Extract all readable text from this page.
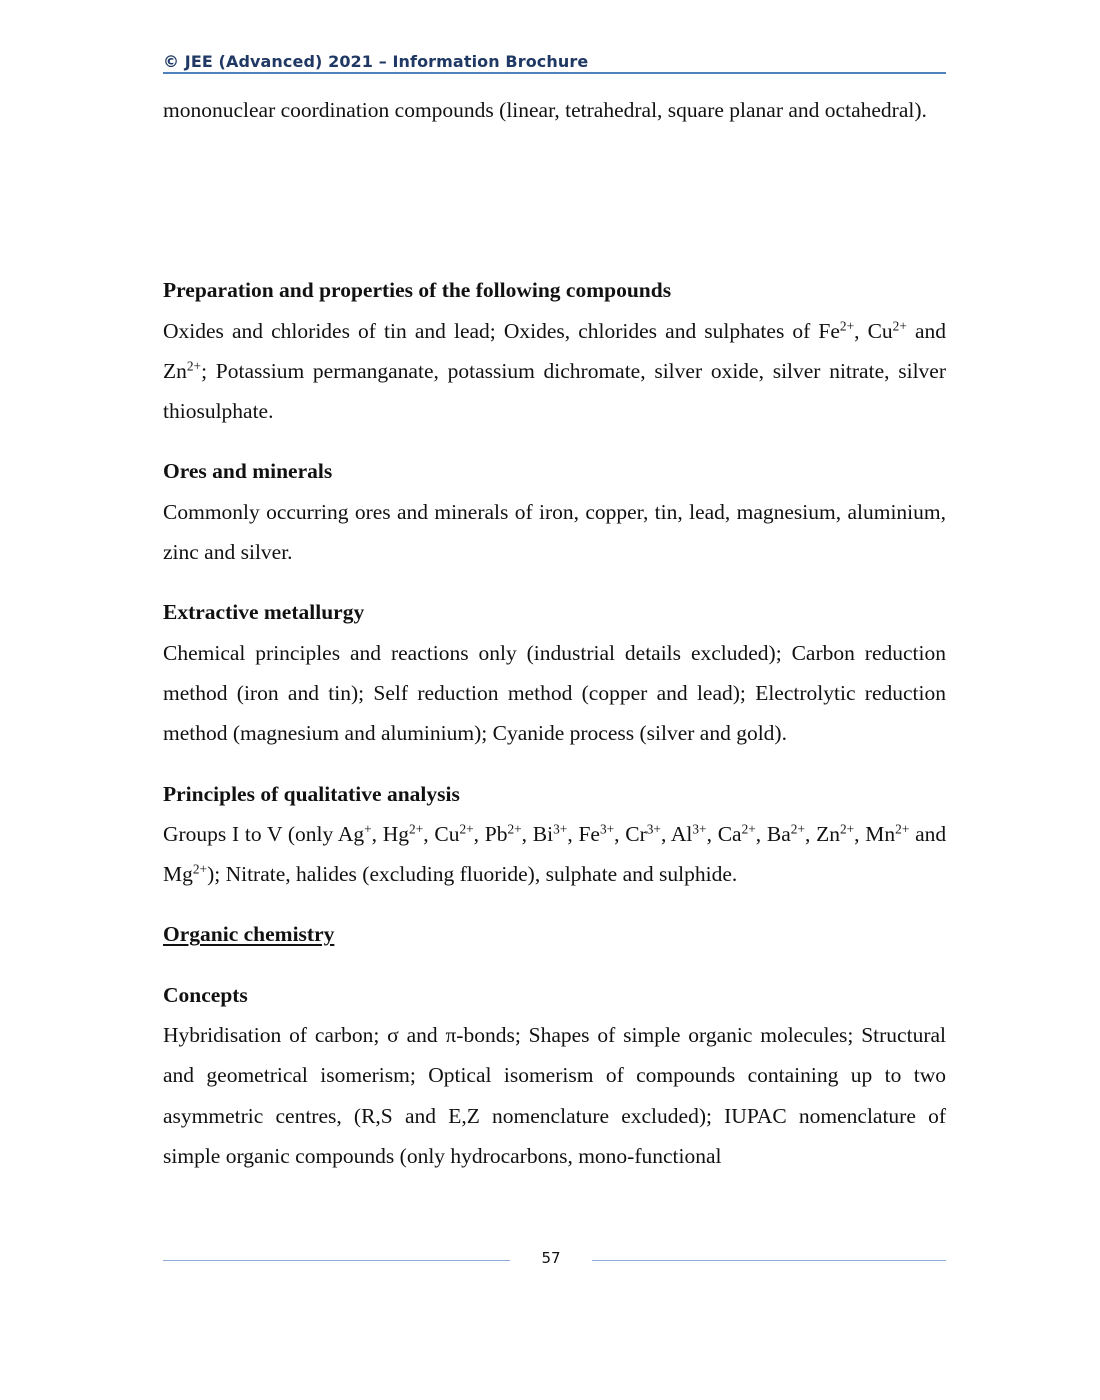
© JEE (Advanced) 2021 – Information Brochure

mononuclear coordination compounds (linear, tetrahedral, square planar and octahedral).

Preparation and properties of the following compounds

Oxides and chlorides of tin and lead; Oxides, chlorides and sulphates of $Fe^{2+}$, $Cu^{2+}$ and $Zn^{2+}$; Potassium permanganate, potassium dichromate, silver oxide, silver nitrate, silver thiosulphate.

Ores and minerals

Commonly occurring ores and minerals of iron, copper, tin, lead, magnesium, aluminium, zinc and silver.

Extractive metallurgy

Chemical principles and reactions only (industrial details excluded); Carbon reduction method (iron and tin); Self reduction method (copper and lead); Electrolytic reduction method (magnesium and aluminium); Cyanide process (silver and gold).

Principles of qualitative analysis

Groups I to V (only Ag+, $Hg^{2+}$, $Cu^{2+}$, $Pb^{2+}$, $Bi^{3+}$, $Fe^{3+}$, $Cr^{3+}$, $Al^{3+}$, $Ca^{2+}$, $Ba^{2+}$, $Zn^{2+}$, $Mn^{2+}$ and $Mg^{2+}$); Nitrate, halides (excluding fluoride), sulphate and sulphide.

Organic chemistry
Concepts

Hybridisation of carbon; σ and π-bonds; Shapes of simple organic molecules; Structural and geometrical isomerism; Optical isomerism of compounds containing up to two asymmetric centres, (R,S and E,Z nomenclature excluded); IUPAC nomenclature of simple organic compounds (only hydrocarbons, mono-functional

57
